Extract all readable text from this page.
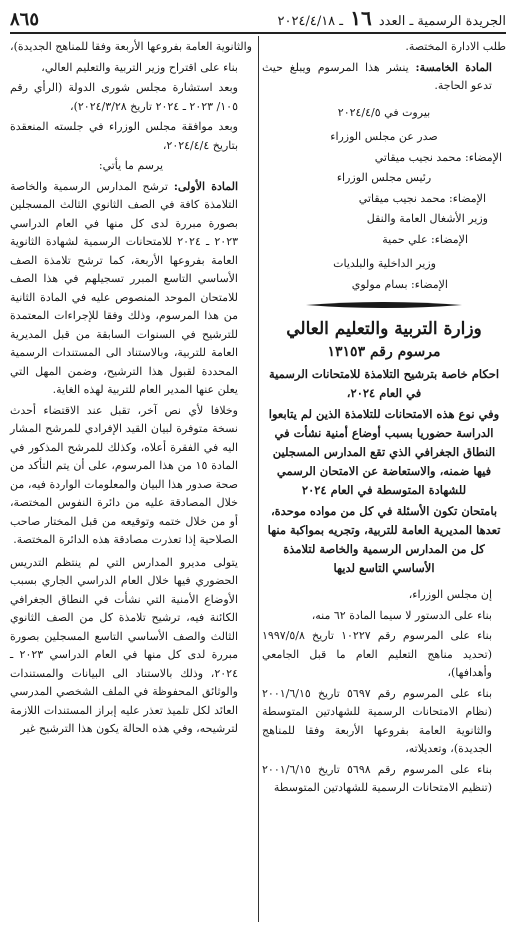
الجريدة الرسمية ـ العدد ١٦ ـ ٢٠٢٤/٤/١٨
٨٦٥

طلب الادارة المختصة.

المادة الخامسة: ينشر هذا المرسوم ويبلغ حيث تدعو الحاجة.

بيروت في ٢٠٢٤/٤/٥

صدر عن مجلس الوزراء

الإمضاء: محمد نجيب ميقاتي

رئيس مجلس الوزراء

الإمضاء: محمد نجيب ميقاتي

وزير الأشغال العامة والنقل

الإمضاء: علي حمية

وزير الداخلية والبلديات

الإمضاء: بسام مولوي

وزارة التربية والتعليم العالي
مرسوم رقم ١٣١٥٣

احكام خاصة بترشيح التلامذة للامتحانات الرسمية في العام ٢٠٢٤،

وفي نوع هذه الامتحانات للتلامذة الذين لم يتابعوا الدراسة حضوريا بسبب أوضاع أمنية نشأت في النطاق الجغرافي الذي تقع المدارس المسجلين فيها ضمنه، والاستعاضة عن الامتحان الرسمي للشهادة المتوسطة في العام ٢٠٢٤

بامتحان تكون الأسئلة في كل من مواده موحدة، تعدها المديرية العامة للتربية، وتجريه بمواكبة منها كل من المدارس الرسمية والخاصة لتلامذة الأساسي التاسع لديها

إن مجلس الوزراء،

بناء على الدستور لا سيما المادة ٦٢ منه،

بناء على المرسوم رقم ١٠٢٢٧ تاريخ ١٩٩٧/٥/٨ (تحديد مناهج التعليم العام ما قبل الجامعي وأهدافها)،

بناء على المرسوم رقم ٥٦٩٧ تاريخ ٢٠٠١/٦/١٥ (نظام الامتحانات الرسمية للشهادتين المتوسطة والثانوية العامة بفروعها الأربعة وفقا للمناهج الجديدة)، وتعديلاته،

بناء على المرسوم رقم ٥٦٩٨ تاريخ ٢٠٠١/٦/١٥ (تنظيم الامتحانات الرسمية للشهادتين المتوسطة

والثانوية العامة بفروعها الأربعة وفقا للمناهج الجديدة)،

بناء على اقتراح وزير التربية والتعليم العالي،

وبعد استشارة مجلس شورى الدولة (الرأي رقم ١٠٥/ ٢٠٢٣ ـ ٢٠٢٤ تاريخ ٢٠٢٤/٣/٢٨)،

وبعد موافقة مجلس الوزراء في جلسته المنعقدة بتاريخ ٢٠٢٤/٤/٤،

يرسم ما يأتي:

المادة الأولى: ترشح المدارس الرسمية والخاصة التلامذة كافة في الصف الثانوي الثالث المسجلين بصورة مبررة لدى كل منها في العام الدراسي ٢٠٢٣ ـ ٢٠٢٤ للامتحانات الرسمية لشهادة الثانوية العامة بفروعها الأربعة، كما ترشح تلامذة الصف الأساسي التاسع المبرر تسجيلهم في هذا الصف للامتحان الموحد المنصوص عليه في المادة الثانية من هذا المرسوم، وذلك وفقا للإجراءات المعتمدة للترشيح في السنوات السابقة من قبل المديرية العامة للتربية، وبالاستناد الى المستندات الرسمية المحددة لقبول هذا الترشيح، وضمن المهل التي يعلن عنها المدير العام للتربية لهذه الغاية.

وخلافا لأي نص آخر، تقبل عند الاقتضاء أحدث نسخة متوفرة لبيان القيد الإفرادي للمرشح المشار اليه في الفقرة أعلاه، وكذلك للمرشح المذكور في المادة ١٥ من هذا المرسوم، على أن يتم التأكد من صحة صدور هذا البيان والمعلومات الواردة فيه، من خلال المصادقة عليه من دائرة النفوس المختصة، أو من خلال ختمه وتوقيعه من قبل المختار صاحب الصلاحية إذا تعذرت مصادقة هذه الدائرة المختصة.

يتولى مديرو المدارس التي لم ينتظم التدريس الحضوري فيها خلال العام الدراسي الجاري بسبب الأوضاع الأمنية التي نشأت في النطاق الجغرافي الكائنة فيه، ترشيح تلامذة كل من الصف الثانوي الثالث والصف الأساسي التاسع المسجلين بصورة مبررة لدى كل منها في العام الدراسي ٢٠٢٣ ـ ٢٠٢٤، وذلك بالاستناد الى البيانات والمستندات والوثائق المحفوظة في الملف الشخصي المدرسي العائد لكل تلميذ تعذر عليه إبراز المستندات اللازمة لترشيحه، وفي هذه الحالة يكون هذا الترشيح غير
